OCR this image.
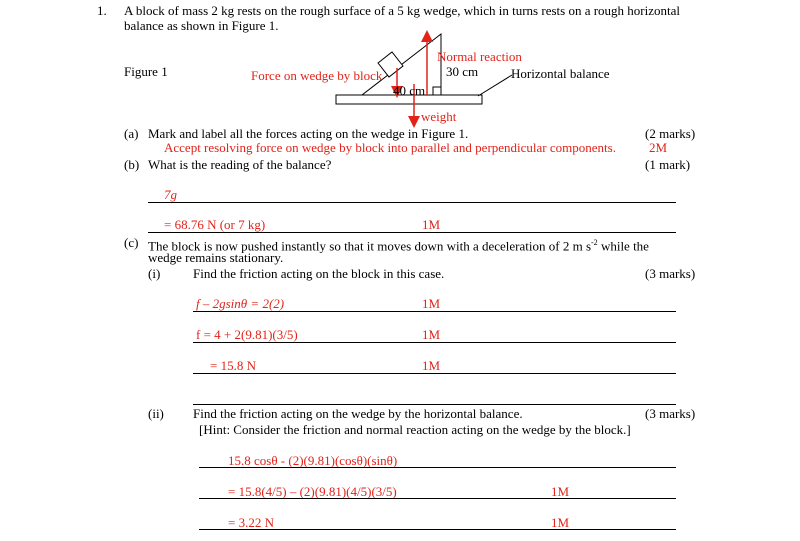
1. A block of mass 2 kg rests on the rough surface of a 5 kg wedge, which in turns rests on a rough horizontal
balance as shown in Figure 1.
Figure 1	Force on wedge by block
Normal reaction
30 cm	Horizontal balance
40 cm
weight
(a) Mark and label all the forces acting on the wedge in Figure 1.	(2 marks)
Accept resolving force on wedge by block into parallel and perpendicular components.	2M
(b) What is the reading of the balance?	(1 mark)
7g
= 68.76 N (or 7 kg)	1M
(c) The block is now pushed instantly so that it moves down with a deceleration of 2 m $s^{-2}$ while the
wedge remains stationary.
(i)	Find the friction acting on the block in this case.	(3 marks)
f – 2gsinθ = 2(2)	1M
f = 4 + 2(9.81)(3/5)	1M
= 15.8 N	1M
(ii) Find the friction acting on the wedge by the horizontal balance.	(3 marks)
[Hint: Consider the friction and normal reaction acting on the wedge by the block.]
15.8 cosθ - (2)(9.81)(cosθ)(sinθ)
= 15.8(4/5) – (2)(9.81)(4/5)(3/5)	1M
= 3.22 N	1M
